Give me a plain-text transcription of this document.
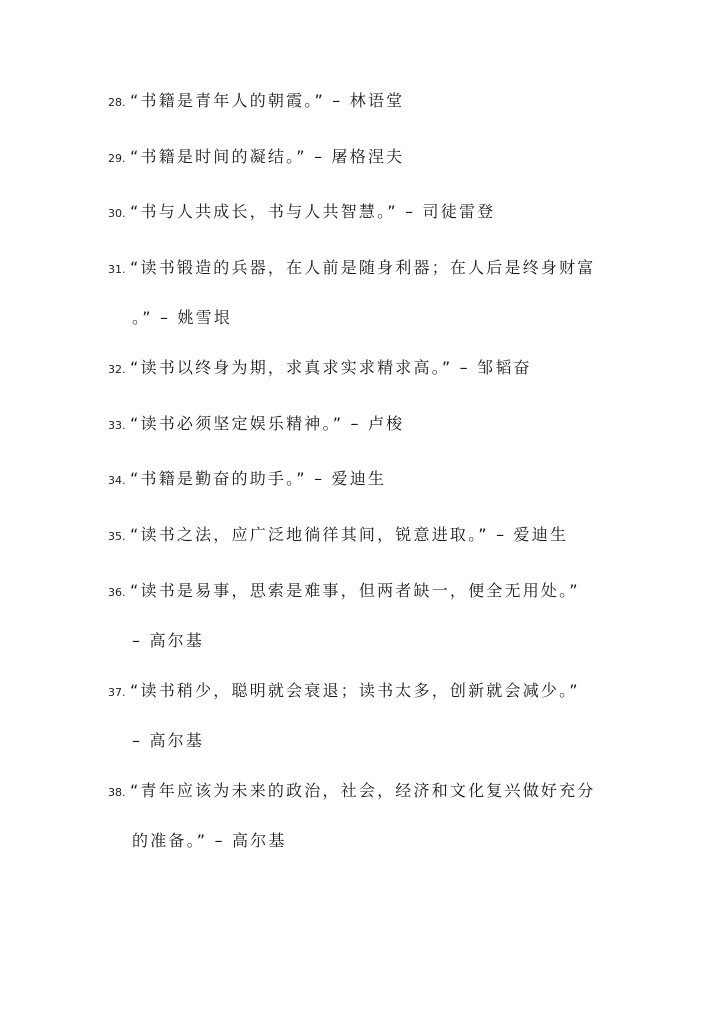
28. “书籍是青年人的朝霞。” – 林语堂
29. “书籍是时间的凝结。” – 屠格涅夫
30. “书与人共成长，书与人共智慧。” – 司徒雷登
31. “读书锻造的兵器，在人前是随身利器；在人后是终身财富
。” – 姚雪垠
32. “读书以终身为期，求真求实求精求高。” – 邹韬奋
33. “读书必须坚定娱乐精神。” – 卢梭
34. “书籍是勤奋的助手。” – 爱迪生
35. “读书之法，应广泛地徜徉其间，锐意进取。” – 爱迪生
36. “读书是易事，思索是难事，但两者缺一，便全无用处。”
– 高尔基
37. “读书稍少，聪明就会衰退；读书太多，创新就会减少。”
– 高尔基
38. “青年应该为未来的政治，社会，经济和文化复兴做好充分
的准备。” – 高尔基
